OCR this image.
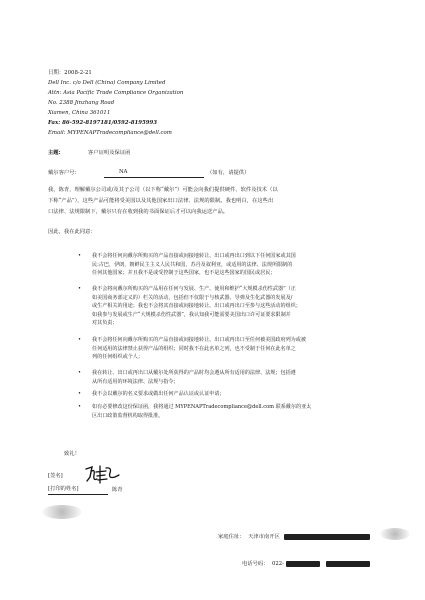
日期：2008-2-21
Dell Inc. c/o Dell (China) Company Limited
Attn: Asia Pacific Trade Compliance Organization
No. 2388 Jinzhang Road
Xiamen, China 361011
Fax: 86-592-8197181/0592-8195993
Email: MYPENAPTradecompliance@dell.com
主题:	客户证明及保证函
戴尔客户号：	NA	（如有，请提供）
我，陈青，理解戴尔公司或/及其子公司（以下称“戴尔”）可能会向我们提供硬件、软件及技术（以
下称“产品”），这些产品可能将受美国以及其他国家出口法律、法规的限制。我也明白，在这些出
口法律、法规限制下，戴尔只有在收到我的书面保证后才可以向我运送产品。
因此，我在此同意：
• 我不会将任何向戴尔所购买的产品直接或间接地转让、出口或再出口到以下任何国家或其国
民:古巴，伊朗，朝鲜民主主义人民共和国，苏丹及叙利亚，或适用的法律、法规所限制的
任何其他国家；并且我不是或受控制于这些国家，也不是这些国家的国民或居民；
• 我不会将向戴尔所购买的产品用在任何与发展、生产、使用和维护“大规模杀伤性武器”（正
如美国商务部定义的）栏关的活动，包括但不仅限于与核武器、导弹及生化武器的发展及/
或生产相关的用途；我也不会将其直接或间接地转让、出口或再出口至参与这些活动的组织；
如我参与发展或生产“大规模杀伤性武器”，我认知我可能需要美国出口许可证要求限制并
对其负责；
• 我不会将任何向戴尔所购买的产品直接或间接地转让、出口或再出口至任何被美国政府列为或被
任何适用的法律禁止获得产品的组织；同时我不在此名单之列，也不受制于任何在此名单之
列的任何组织或个人；
• 我在转让、出口或再出口从戴尔处所获得的产品时均会遵从所有适用的法律、法规；包括遵
从所有适用的环境法律、法规与指令；
• 我不会以戴尔的名义要求或做出任何产品认证或认证申请；
• 如有必要修改这份保证函，我将通过 MYPENAPTradecompliance@dell.com 联系戴尔的亚太
区出口政策监督机构取得批准。
致礼！
[签名]
[打印的姓名]	陈青
家庭住址： 天津市南开区
电话号码： 022-
